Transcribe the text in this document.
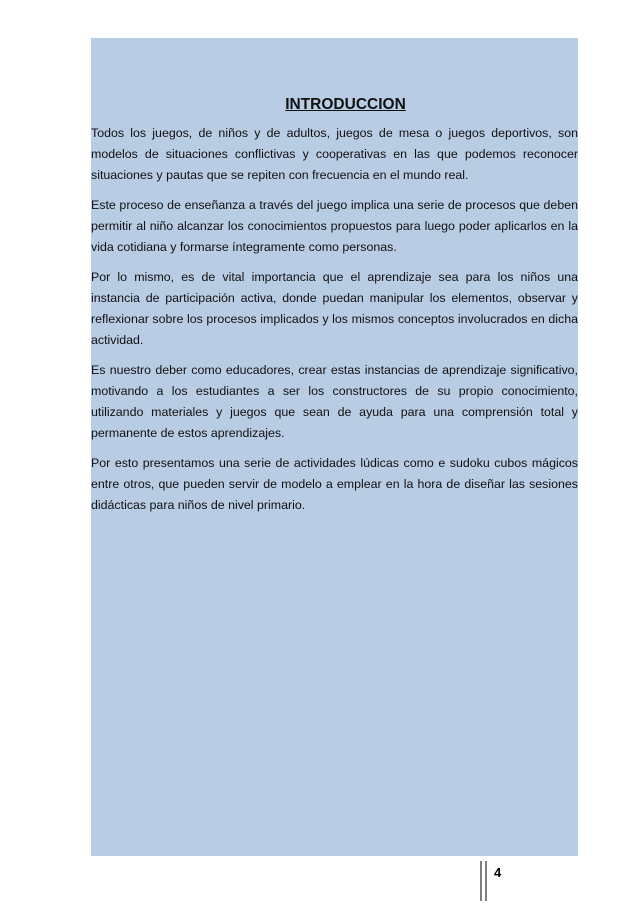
INTRODUCCION

Todos los juegos, de niños y de adultos, juegos de mesa o juegos deportivos, son modelos de situaciones conflictivas y cooperativas en las que podemos reconocer situaciones y pautas que se repiten con frecuencia en el mundo real.

Este proceso de enseñanza a través del juego implica una serie de procesos que deben permitir al niño alcanzar los conocimientos propuestos para luego poder aplicarlos en la vida cotidiana y formarse íntegramente como personas.

Por lo mismo, es de vital importancia que el aprendizaje sea para los niños una instancia de participación activa, donde puedan manipular los elementos, observar y reflexionar sobre los procesos implicados y los mismos conceptos involucrados en dicha actividad.

Es nuestro deber como educadores, crear estas instancias de aprendizaje significativo, motivando a los estudiantes a ser los constructores de su propio conocimiento, utilizando materiales y juegos que sean de ayuda para una comprensión total y permanente de estos aprendizajes.

Por esto presentamos una serie de actividades lúdicas como e sudoku cubos mágicos entre otros, que pueden servir de modelo a emplear en la hora de diseñar las sesiones didácticas para niños de nivel primario.

4
